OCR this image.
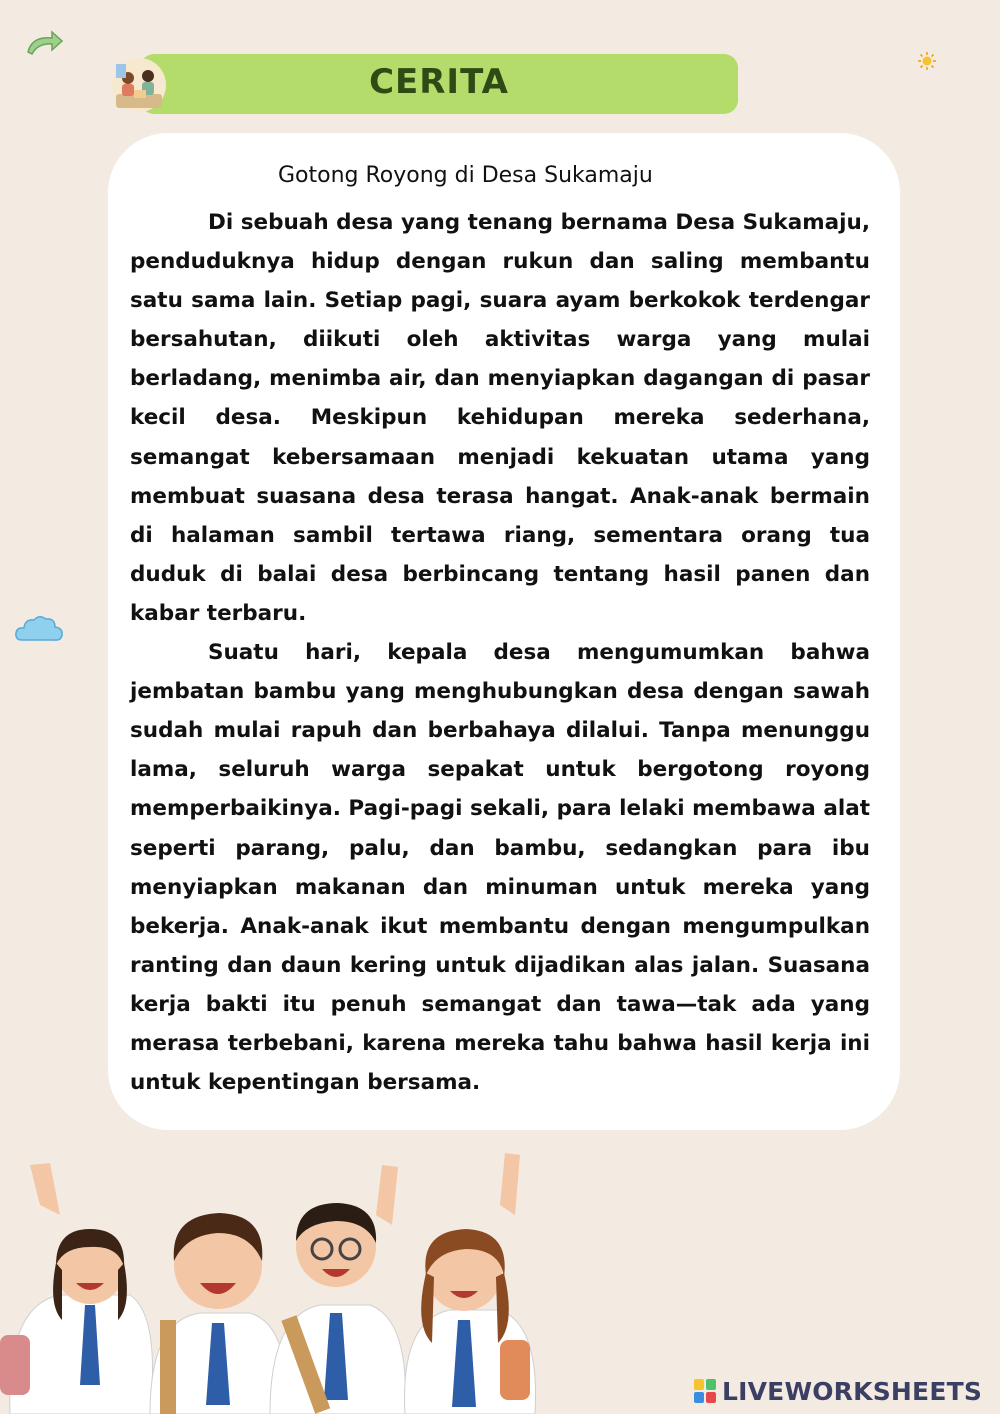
CERITA
Gotong Royong di Desa Sukamaju

Di sebuah desa yang tenang bernama Desa Sukamaju, penduduknya hidup dengan rukun dan saling membantu satu sama lain. Setiap pagi, suara ayam berkokok terdengar bersahutan, diikuti oleh aktivitas warga yang mulai berladang, menimba air, dan menyiapkan dagangan di pasar kecil desa. Meskipun kehidupan mereka sederhana, semangat kebersamaan menjadi kekuatan utama yang membuat suasana desa terasa hangat. Anak-anak bermain di halaman sambil tertawa riang, sementara orang tua duduk di balai desa berbincang tentang hasil panen dan kabar terbaru.

Suatu hari, kepala desa mengumumkan bahwa jembatan bambu yang menghubungkan desa dengan sawah sudah mulai rapuh dan berbahaya dilalui. Tanpa menunggu lama, seluruh warga sepakat untuk bergotong royong memperbaikinya. Pagi-pagi sekali, para lelaki membawa alat seperti parang, palu, dan bambu, sedangkan para ibu menyiapkan makanan dan minuman untuk mereka yang bekerja. Anak-anak ikut membantu dengan mengumpulkan ranting dan daun kering untuk dijadikan alas jalan. Suasana kerja bakti itu penuh semangat dan tawa—tak ada yang merasa terbebani, karena mereka tahu bahwa hasil kerja ini untuk kepentingan bersama.

LIVEWORKSHEETS
